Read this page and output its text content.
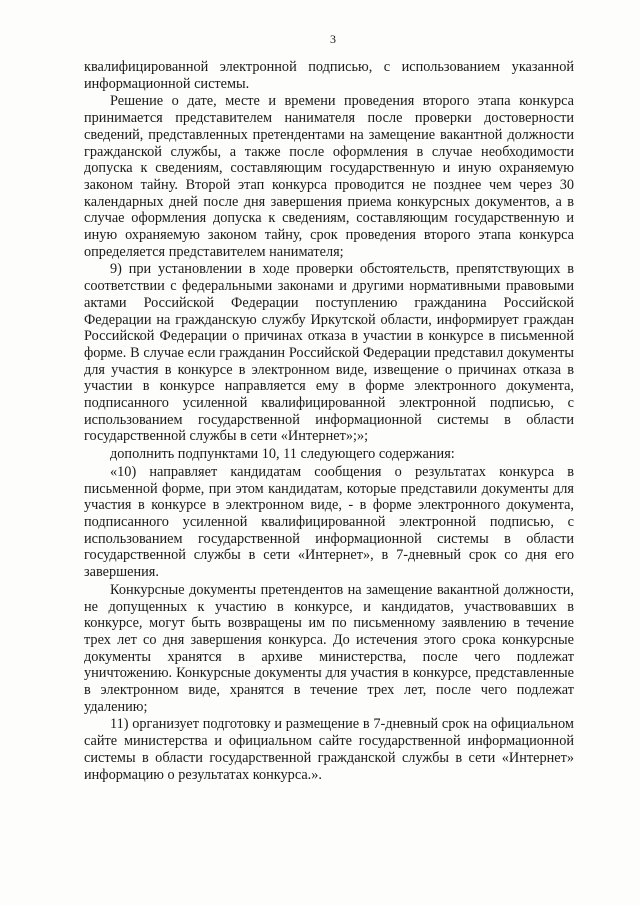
3

квалифицированной электронной подписью, с использованием указанной информационной системы.

Решение о дате, месте и времени проведения второго этапа конкурса принимается представителем нанимателя после проверки достоверности сведений, представленных претендентами на замещение вакантной должности гражданской службы, а также после оформления в случае необходимости допуска к сведениям, составляющим государственную и иную охраняемую законом тайну. Второй этап конкурса проводится не позднее чем через 30 календарных дней после дня завершения приема конкурсных документов, а в случае оформления допуска к сведениям, составляющим государственную и иную охраняемую законом тайну, срок проведения второго этапа конкурса определяется представителем нанимателя;

9) при установлении в ходе проверки обстоятельств, препятствующих в соответствии с федеральными законами и другими нормативными правовыми актами Российской Федерации поступлению гражданина Российской Федерации на гражданскую службу Иркутской области, информирует граждан Российской Федерации о причинах отказа в участии в конкурсе в письменной форме. В случае если гражданин Российской Федерации представил документы для участия в конкурсе в электронном виде, извещение о причинах отказа в участии в конкурсе направляется ему в форме электронного документа, подписанного усиленной квалифицированной электронной подписью, с использованием государственной информационной системы в области государственной службы в сети «Интернет»;»;

дополнить подпунктами 10, 11 следующего содержания:

«10) направляет кандидатам сообщения о результатах конкурса в письменной форме, при этом кандидатам, которые представили документы для участия в конкурсе в электронном виде, - в форме электронного документа, подписанного усиленной квалифицированной электронной подписью, с использованием государственной информационной системы в области государственной службы в сети «Интернет», в 7-дневный срок со дня его завершения.

Конкурсные документы претендентов на замещение вакантной должности, не допущенных к участию в конкурсе, и кандидатов, участвовавших в конкурсе, могут быть возвращены им по письменному заявлению в течение трех лет со дня завершения конкурса. До истечения этого срока конкурсные документы хранятся в архиве министерства, после чего подлежат уничтожению. Конкурсные документы для участия в конкурсе, представленные в электронном виде, хранятся в течение трех лет, после чего подлежат удалению;

11) организует подготовку и размещение в 7-дневный срок на официальном сайте министерства и официальном сайте государственной информационной системы в области государственной гражданской службы в сети «Интернет» информацию о результатах конкурса.».
